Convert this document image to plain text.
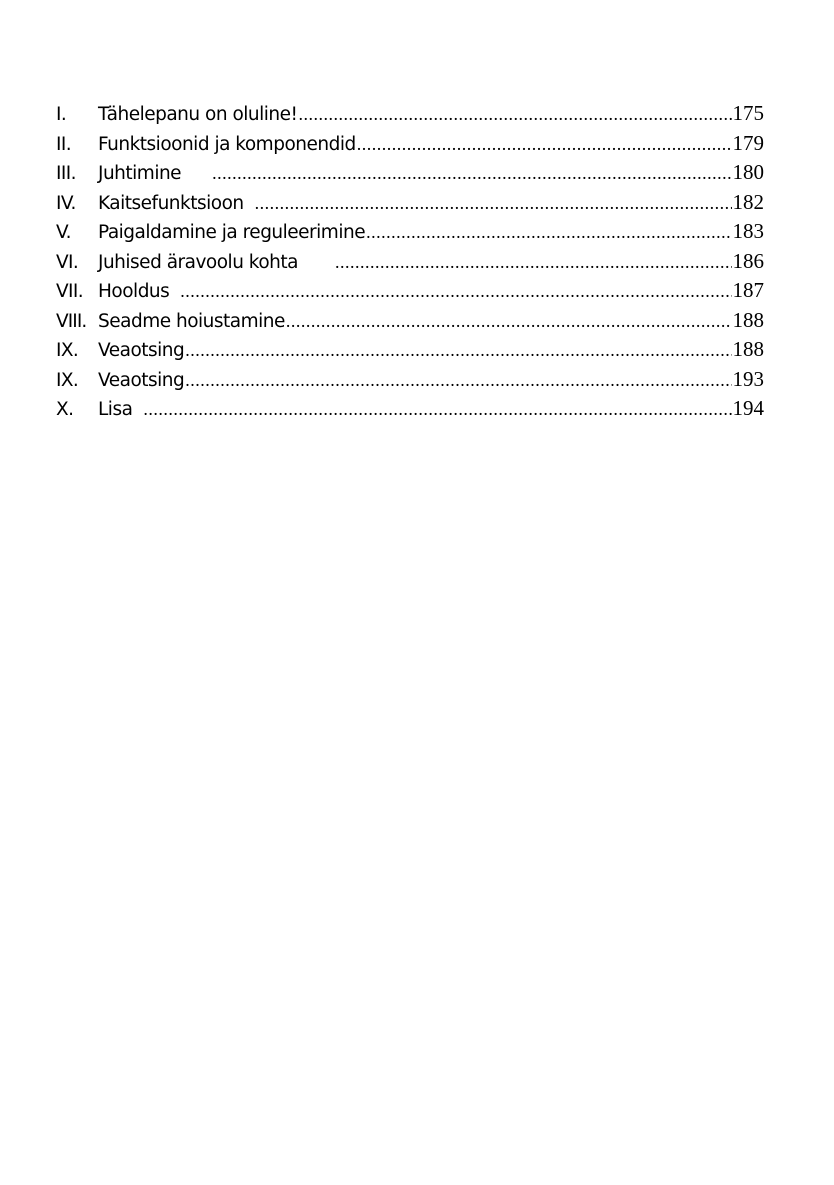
I.	Tähelepanu on oluline! .....	175
II.	Funktsioonid ja komponendid .....	179
III.	Juhtimine .....	180
IV.	Kaitsefunktsioon .....	182
V.	Paigaldamine ja reguleerimine .....	183
VI.	Juhised äravoolu kohta .....	186
VII. Hooldus .....	187
VIII. Seadme hoiustamine .....	188
IX.	Veaotsing .....	188
IX.	Veaotsing .....	193
X.	Lisa .....	194
